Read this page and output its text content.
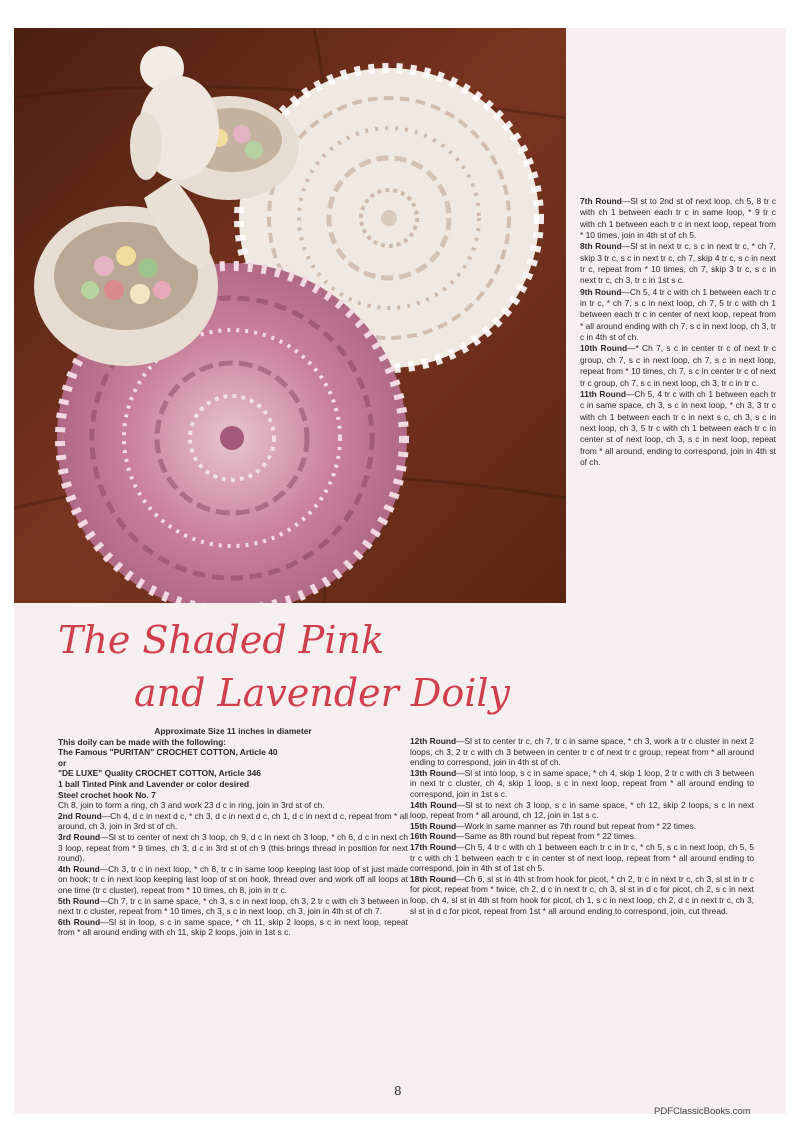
The Shaded Pink
and Lavender Doily

7th Round—Sl st to 2nd st of next loop, ch 5, 8 tr c with ch 1 between each tr c in same loop, * 9 tr c with ch 1 between each tr c in next loop, repeat from * 10 times, join in 4th st of ch 5.

8th Round—Sl st in next tr c, s c in next tr c, * ch 7, skip 3 tr c, s c in next tr c, ch 7, skip 4 tr c, s c in next tr c, repeat from * 10 times, ch 7, skip 3 tr c, s c in next tr c, ch 3, tr c in 1st s c.

9th Round—Ch 5, 4 tr c with ch 1 between each tr c in tr c, * ch 7, s c in next loop, ch 7, 5 tr c with ch 1 between each tr c in center of next loop, repeat from * all around ending with ch 7, s c in next loop, ch 3, tr c in 4th st of ch.

10th Round—* Ch 7, s c in center tr c of next tr c group, ch 7, s c in next loop, ch 7, s c in next loop, repeat from * 10 times, ch 7, s c in center tr c of next tr c group, ch 7, s c in next loop, ch 3, tr c in tr c.

11th Round—Ch 5, 4 tr c with ch 1 between each tr c in same space, ch 3, s c in next loop, * ch 3, 3 tr c with ch 1 between each tr c in next s c, ch 3, s c in next loop, ch 3, 5 tr c with ch 1 between each tr c in center st of next loop, ch 3, s c in next loop, repeat from * all around, ending to correspond, join in 4th st of ch.

Approximate Size 11 inches in diameter
This doily can be made with the following:
The Famous "PURITAN" CROCHET COTTON, Article 40
or
"DE LUXE" Quality CROCHET COTTON, Article 346
1 ball Tinted Pink and Lavender or color desired
Steel crochet hook No. 7

Ch 8, join to form a ring, ch 3 and work 23 d c in ring, join in 3rd st of ch.

2nd Round—Ch 4, d c in next d c, * ch 3, d c in next d c, ch 1, d c in next d c, repeat from * all around, ch 3, join in 3rd st of ch.

3rd Round—Sl st to center of next ch 3 loop, ch 9, d c in next ch 3 loop, * ch 6, d c in next ch 3 loop, repeat from * 9 times, ch 3, d c in 3rd st of ch 9 (this brings thread in position for next round).

4th Round—Ch 3, tr c in next loop, * ch 8, tr c in same loop keeping last loop of st just made on hook; tr c in next loop keeping last loop of st on hook, thread over and work off all loops at one time (tr c cluster), repeat from * 10 times, ch 8, join in tr c.

5th Round—Ch 7, tr c in same space, * ch 3, s c in next loop, ch 3, 2 tr c with ch 3 between in next tr c cluster, repeat from * 10 times, ch 3, s c in next loop, ch 3, join in 4th st of ch 7.

6th Round—Sl st in loop, s c in same space, * ch 11, skip 2 loops, s c in next loop, repeat from * all around ending with ch 11, skip 2 loops, join in 1st s c.

12th Round—Sl st to center tr c, ch 7, tr c in same space, * ch 3, work a tr c cluster in next 2 loops, ch 3, 2 tr c with ch 3 between in center tr c of next tr c group, repeat from * all around ending to correspond, join in 4th st of ch.

13th Round—Sl st into loop, s c in same space, * ch 4, skip 1 loop, 2 tr c with ch 3 between in next tr c cluster, ch 4, skip 1 loop, s c in next loop, repeat from * all around ending to correspond, join in 1st s c.

14th Round—Sl st to next ch 3 loop, s c in same space, * ch 12, skip 2 loops, s c in next loop, repeat from * all around, ch 12, join in 1st s c.

15th Round—Work in same manner as 7th round but repeat from * 22 times.

16th Round—Same as 8th round but repeat from * 22 times.

17th Round—Ch 5, 4 tr c with ch 1 between each tr c in tr c, * ch 5, s c in next loop, ch 5, 5 tr c with ch 1 between each tr c in center st of next loop, repeat from * all around ending to correspond, join in 4th st of 1st ch 5.

18th Round—Ch 6, sl st in 4th st from hook for picot, * ch 2, tr c in next tr c, ch 3, sl st in tr c for picot, repeat from * twice, ch 2, d c in next tr c, ch 3, sl st in d c for picot, ch 2, s c in next loop, ch 4, sl st in 4th st from hook for picot, ch 1, s c in next loop, ch 2, d c in next tr c, ch 3, sl st in d c for picot, repeat from 1st * all around ending to correspond, join, cut thread.

8
PDFClassicBooks.com
